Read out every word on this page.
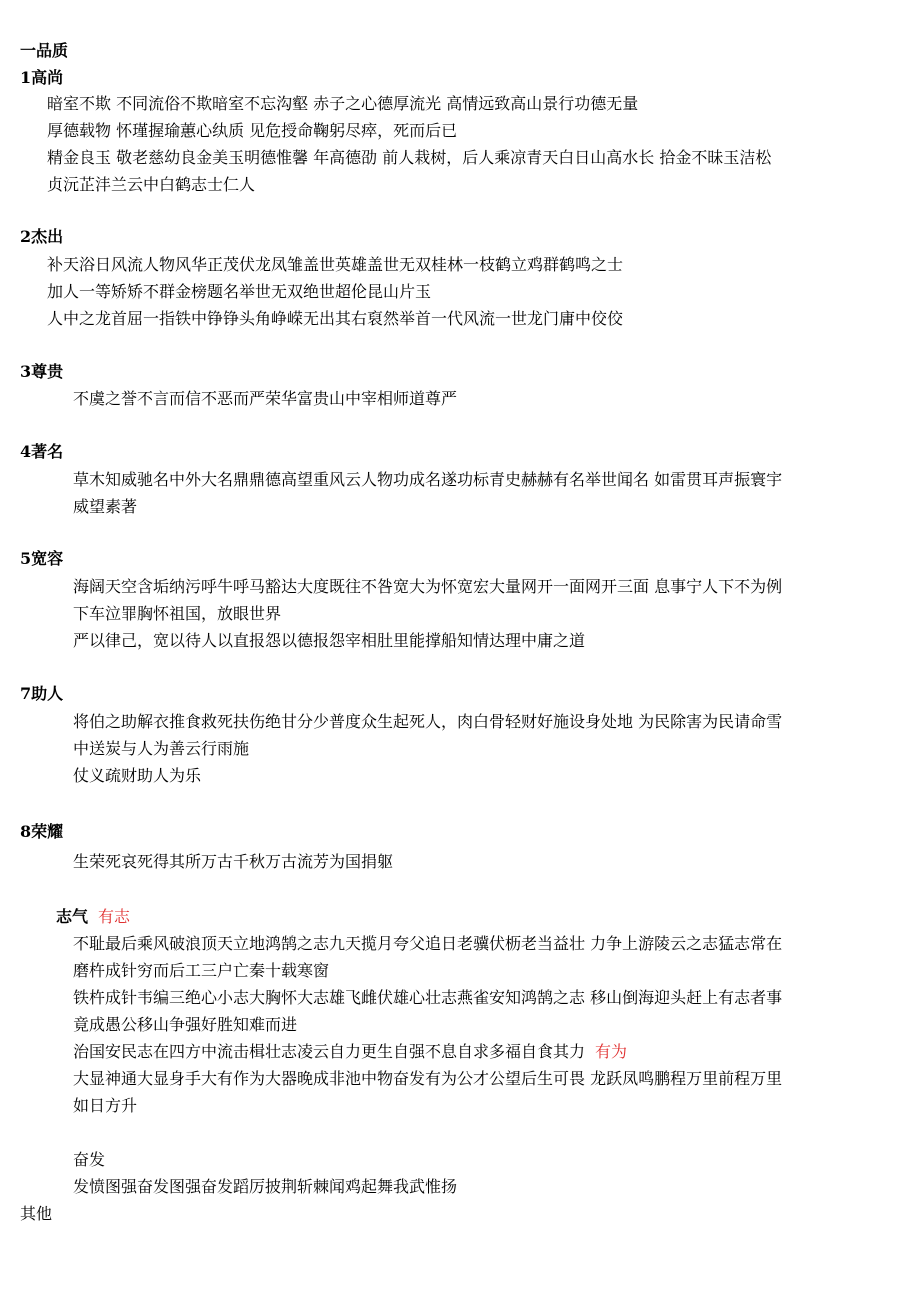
一品质
1高尚
暗室不欺 不同流俗不欺暗室不忘沟壑 赤子之心德厚流光 高情远致高山景行功德无量
厚德载物 怀瑾握瑜蕙心纨质 见危授命鞠躬尽瘁，死而后已
精金良玉 敬老慈幼良金美玉明德惟馨 年高德劭 前人栽树，后人乘凉青天白日山高水长 拾金不昧玉洁松
贞沅芷沣兰云中白鹤志士仁人
2杰出
补天浴日风流人物风华正茂伏龙凤雏盖世英雄盖世无双桂林一枝鹤立鸡群鹤鸣之士
加人一等矫矫不群金榜题名举世无双绝世超伦昆山片玉
人中之龙首屈一指铁中铮铮头角峥嵘无出其右裒然举首一代风流一世龙门庸中佼佼
3尊贵
不虞之誉不言而信不恶而严荣华富贵山中宰相师道尊严
4著名
草木知威驰名中外大名鼎鼎德高望重风云人物功成名遂功标青史赫赫有名举世闻名 如雷贯耳声振寰宇
威望素著
5宽容
海阔天空含垢纳污呼牛呼马豁达大度既往不咎宽大为怀宽宏大量网开一面网开三面 息事宁人下不为例
下车泣罪胸怀祖国，放眼世界
严以律己，宽以待人以直报怨以德报怨宰相肚里能撑船知情达理中庸之道
7助人
将伯之助解衣推食救死扶伤绝甘分少普度众生起死人，肉白骨轻财好施设身处地 为民除害为民请命雪
中送炭与人为善云行雨施
仗义疏财助人为乐
8荣耀
生荣死哀死得其所万古千秋万古流芳为国捐躯
志气 有志
不耻最后乘风破浪顶天立地鸿鹄之志九天揽月夸父追日老骥伏枥老当益壮 力争上游陵云之志猛志常在
磨杵成针穷而后工三户亡秦十载寒窗
铁杵成针韦编三绝心小志大胸怀大志雄飞雌伏雄心壮志燕雀安知鸿鹄之志 移山倒海迎头赶上有志者事
竟成愚公移山争强好胜知难而进
治国安民志在四方中流击楫壮志凌云自力更生自强不息自求多福自食其力 有为
大显神通大显身手大有作为大器晚成非池中物奋发有为公才公望后生可畏 龙跃凤鸣鹏程万里前程万里
如日方升
奋发
发愤图强奋发图强奋发蹈厉披荆斩棘闻鸡起舞我武惟扬
其他
